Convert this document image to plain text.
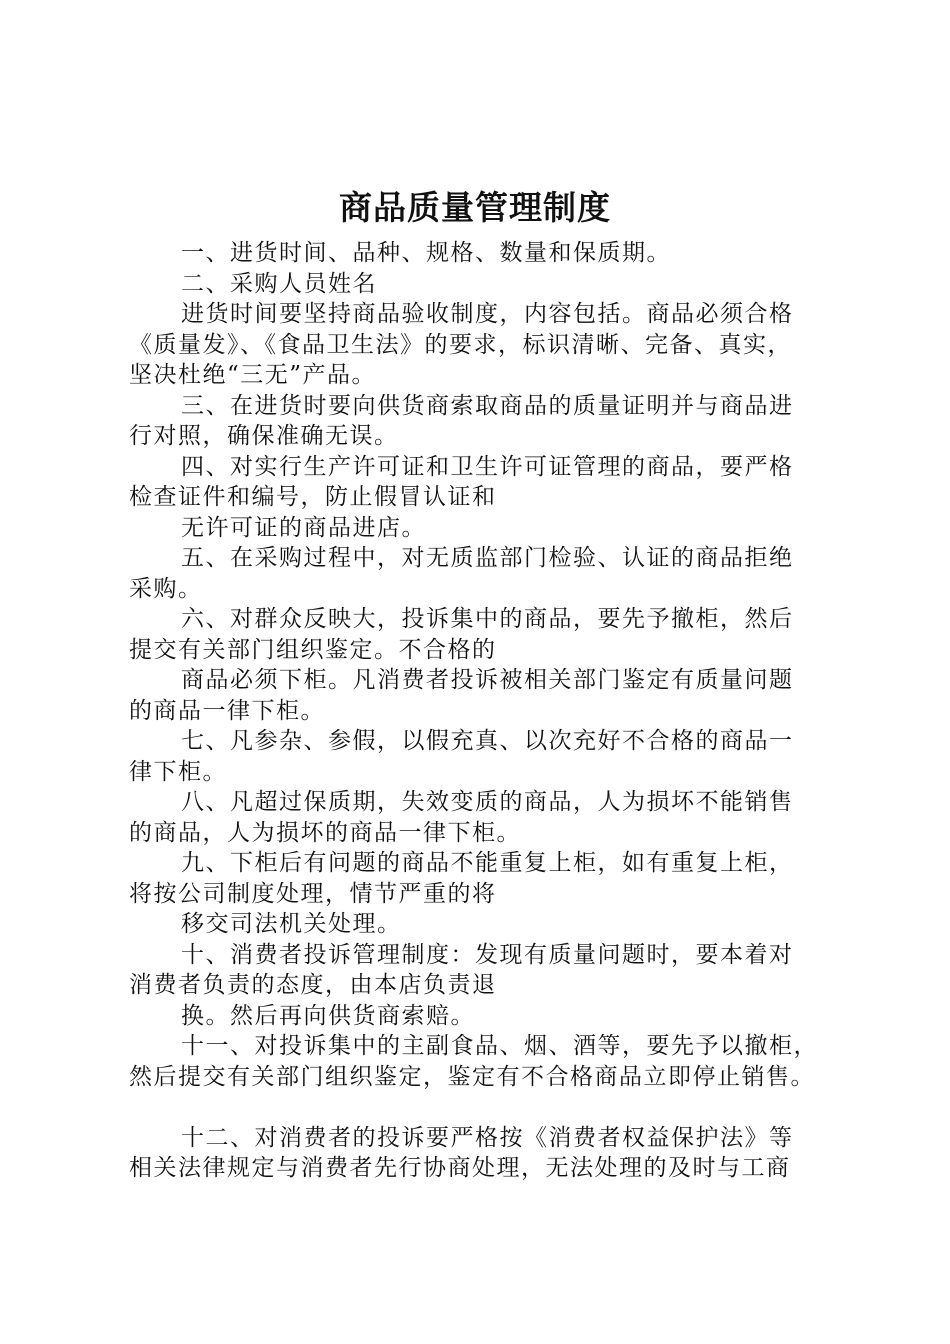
商品质量管理制度
一、进货时间、品种、规格、数量和保质期。
二、采购人员姓名
进货时间要坚持商品验收制度，内容包括。商品必须合格
《质量发》、《食品卫生法》的要求，标识清晰、完备、真实，
坚决杜绝“三无”产品。
三、在进货时要向供货商索取商品的质量证明并与商品进
行对照，确保准确无误。
四、对实行生产许可证和卫生许可证管理的商品，要严格
检查证件和编号，防止假冒认证和
无许可证的商品进店。
五、在采购过程中，对无质监部门检验、认证的商品拒绝
采购。
六、对群众反映大，投诉集中的商品，要先予撤柜，然后
提交有关部门组织鉴定。不合格的
商品必须下柜。凡消费者投诉被相关部门鉴定有质量问题
的商品一律下柜。
七、凡参杂、参假，以假充真、以次充好不合格的商品一
律下柜。
八、凡超过保质期，失效变质的商品，人为损坏不能销售
的商品，人为损坏的商品一律下柜。
九、下柜后有问题的商品不能重复上柜，如有重复上柜，
将按公司制度处理，情节严重的将
移交司法机关处理。
十、消费者投诉管理制度：发现有质量问题时，要本着对
消费者负责的态度，由本店负责退
换。然后再向供货商索赔。
十一、对投诉集中的主副食品、烟、酒等，要先予以撤柜，
然后提交有关部门组织鉴定，鉴定有不合格商品立即停止销售。
十二、对消费者的投诉要严格按《消费者权益保护法》等
相关法律规定与消费者先行协商处理，无法处理的及时与工商
